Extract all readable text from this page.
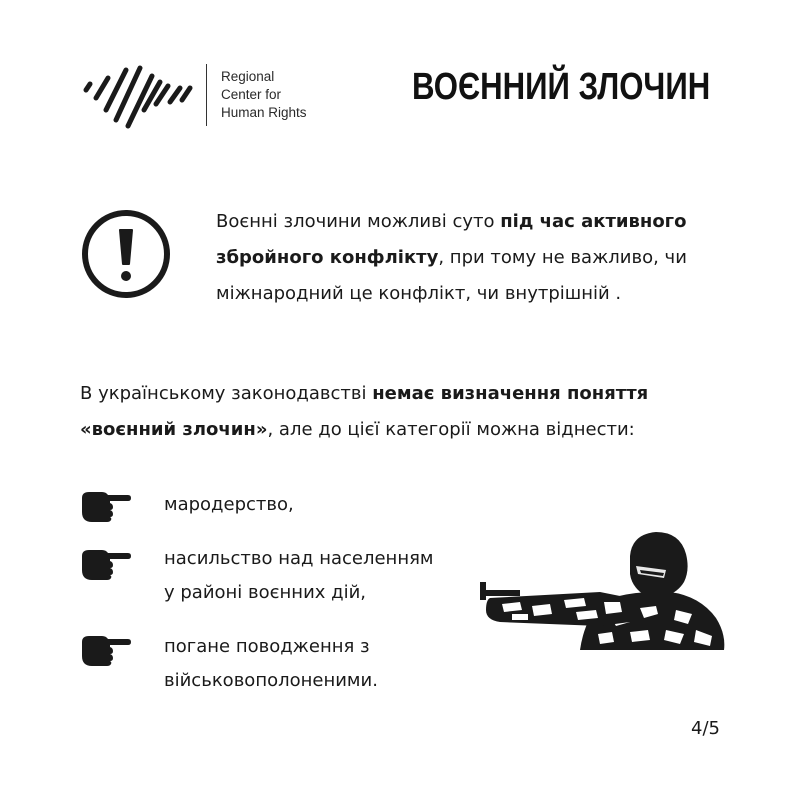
Regional
Center for
Human Rights
ВОЄННИЙ ЗЛОЧИН
Воєнні злочини можливі суто під час активного збройного конфлікту, при тому не важливо, чи міжнародний це конфлікт, чи внутрішній .
В українському законодавстві немає визначення поняття «воєнний злочин», але до цієї категорії можна віднести:
мародерство,
насильство над населенням
у районі воєнних дій,
погане поводження з
військовополоненими.
4/5
